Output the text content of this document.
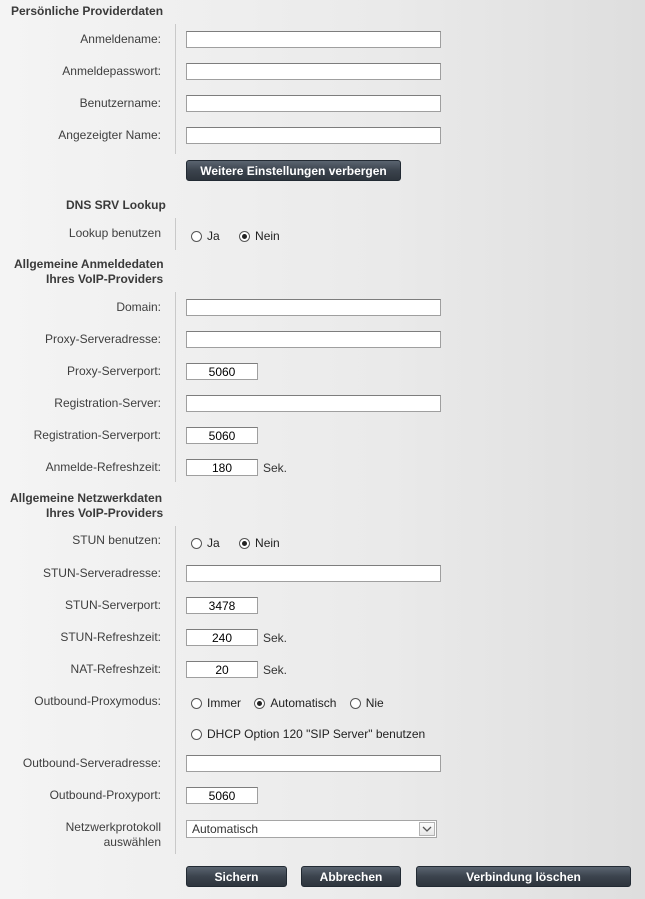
Persönliche Providerdaten
Anmeldename:
Anmeldepasswort:
Benutzername:
Angezeigter Name:
Weitere Einstellungen verbergen
DNS SRV Lookup
Lookup benutzen	Ja
	Nein
Allgemeine Anmeldedaten
Ihres VoIP-Providers
Domain:
Proxy-Serveradresse:
Proxy-Serverport:
5060
Registration-Server:
Registration-Serverport:
5060
Anmelde-Refreshzeit:
180	Sek.
Allgemeine Netzwerkdaten
Ihres VoIP-Providers
STUN benutzen:	Ja
	Nein
STUN-Serveradresse:
STUN-Serverport:
3478
STUN-Refreshzeit:
240	Sek.
NAT-Refreshzeit:
20	Sek.
Outbound-Proxymodus:	Immer
Automatisch
Nie
DHCP Option 120 "SIP Server" benutzen
Outbound-Serveradresse:
Outbound-Proxyport:
5060
Netzwerkprotokoll
auswählen
Automatisch
Sichern	Abbrechen	Verbindung löschen
